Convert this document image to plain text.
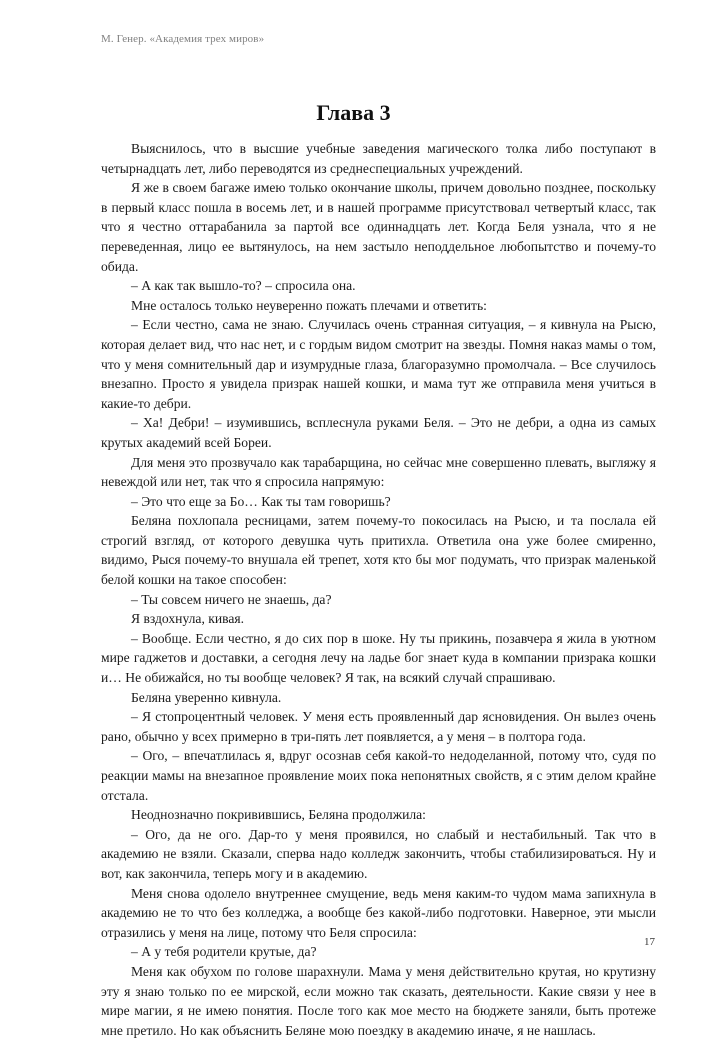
М. Генер. «Академия трех миров»
Глава 3

Выяснилось, что в высшие учебные заведения магического толка либо поступают в четырнадцать лет, либо переводятся из среднеспециальных учреждений.

Я же в своем багаже имею только окончание школы, причем довольно позднее, поскольку в первый класс пошла в восемь лет, и в нашей программе присутствовал четвертый класс, так что я честно оттарабанила за партой все одиннадцать лет. Когда Беля узнала, что я не переведенная, лицо ее вытянулось, на нем застыло неподдельное любопытство и почему-то обида.

– А как так вышло-то? – спросила она.

Мне осталось только неуверенно пожать плечами и ответить:

– Если честно, сама не знаю. Случилась очень странная ситуация, – я кивнула на Рысю, которая делает вид, что нас нет, и с гордым видом смотрит на звезды. Помня наказ мамы о том, что у меня сомнительный дар и изумрудные глаза, благоразумно промолчала. – Все случилось внезапно. Просто я увидела призрак нашей кошки, и мама тут же отправила меня учиться в какие-то дебри.

– Ха! Дебри! – изумившись, всплеснула руками Беля. – Это не дебри, а одна из самых крутых академий всей Бореи.

Для меня это прозвучало как тарабарщина, но сейчас мне совершенно плевать, выгляжу я невеждой или нет, так что я спросила напрямую:

– Это что еще за Бо… Как ты там говоришь?

Беляна похлопала ресницами, затем почему-то покосилась на Рысю, и та послала ей строгий взгляд, от которого девушка чуть притихла. Ответила она уже более смиренно, видимо, Рыся почему-то внушала ей трепет, хотя кто бы мог подумать, что призрак маленькой белой кошки на такое способен:

– Ты совсем ничего не знаешь, да?

Я вздохнула, кивая.

– Вообще. Если честно, я до сих пор в шоке. Ну ты прикинь, позавчера я жила в уютном мире гаджетов и доставки, а сегодня лечу на ладье бог знает куда в компании призрака кошки и… Не обижайся, но ты вообще человек? Я так, на всякий случай спрашиваю.

Беляна уверенно кивнула.

– Я стопроцентный человек. У меня есть проявленный дар ясновидения. Он вылез очень рано, обычно у всех примерно в три-пять лет появляется, а у меня – в полтора года.

– Ого, – впечатлилась я, вдруг осознав себя какой-то недоделанной, потому что, судя по реакции мамы на внезапное проявление моих пока непонятных свойств, я с этим делом крайне отстала.

Неоднозначно покривившись, Беляна продолжила:

– Ого, да не ого. Дар-то у меня проявился, но слабый и нестабильный. Так что в академию не взяли. Сказали, сперва надо колледж закончить, чтобы стабилизироваться. Ну и вот, как закончила, теперь могу и в академию.

Меня снова одолело внутреннее смущение, ведь меня каким-то чудом мама запихнула в академию не то что без колледжа, а вообще без какой-либо подготовки. Наверное, эти мысли отразились у меня на лице, потому что Беля спросила:

– А у тебя родители крутые, да?

Меня как обухом по голове шарахнули. Мама у меня действительно крутая, но крутизну эту я знаю только по ее мирской, если можно так сказать, деятельности. Какие связи у нее в мире магии, я не имею понятия. После того как мое место на бюджете заняли, быть протеже мне претило. Но как объяснить Беляне мою поездку в академию иначе, я не нашлась.

17
